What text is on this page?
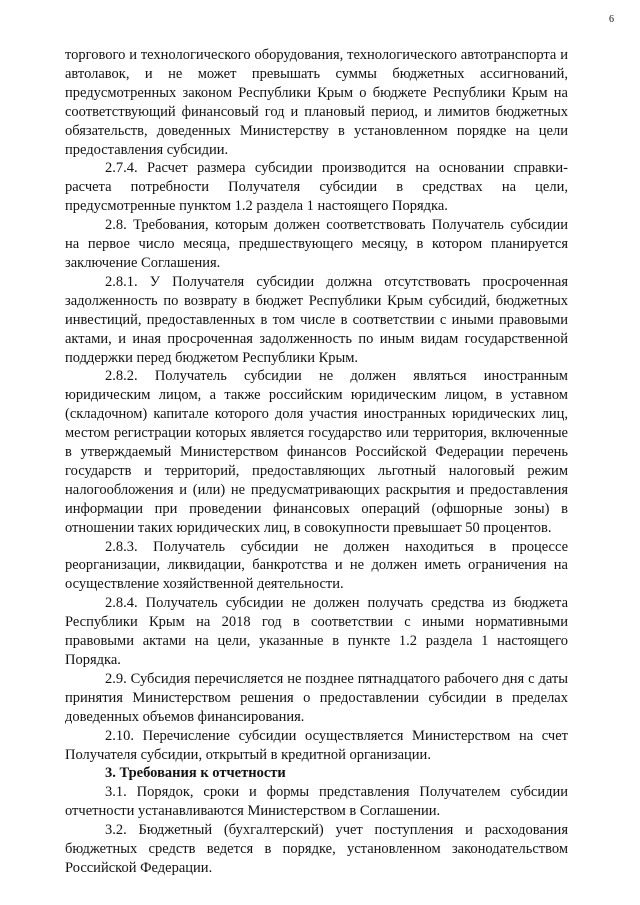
6

торгового и технологического оборудования, технологического автотранспорта и автолавок, и не может превышать суммы бюджетных ассигнований, предусмотренных законом Республики Крым о бюджете Республики Крым на соответствующий финансовый год и плановый период, и лимитов бюджетных обязательств, доведенных Министерству в установленном порядке на цели предоставления субсидии.

2.7.4. Расчет размера субсидии производится на основании справки-расчета потребности Получателя субсидии в средствах на цели, предусмотренные пунктом 1.2 раздела 1 настоящего Порядка.

2.8. Требования, которым должен соответствовать Получатель субсидии на первое число месяца, предшествующего месяцу, в котором планируется заключение Соглашения.

2.8.1. У Получателя субсидии должна отсутствовать просроченная задолженность по возврату в бюджет Республики Крым субсидий, бюджетных инвестиций, предоставленных в том числе в соответствии с иными правовыми актами, и иная просроченная задолженность по иным видам государственной поддержки перед бюджетом Республики Крым.

2.8.2. Получатель субсидии не должен являться иностранным юридическим лицом, а также российским юридическим лицом, в уставном (складочном) капитале которого доля участия иностранных юридических лиц, местом регистрации которых является государство или территория, включенные в утверждаемый Министерством финансов Российской Федерации перечень государств и территорий, предоставляющих льготный налоговый режим налогообложения и (или) не предусматривающих раскрытия и предоставления информации при проведении финансовых операций (офшорные зоны) в отношении таких юридических лиц, в совокупности превышает 50 процентов.

2.8.3. Получатель субсидии не должен находиться в процессе реорганизации, ликвидации, банкротства и не должен иметь ограничения на осуществление хозяйственной деятельности.

2.8.4. Получатель субсидии не должен получать средства из бюджета Республики Крым на 2018 год в соответствии с иными нормативными правовыми актами на цели, указанные в пункте 1.2 раздела 1 настоящего Порядка.

2.9. Субсидия перечисляется не позднее пятнадцатого рабочего дня с даты принятия Министерством решения о предоставлении субсидии в пределах доведенных объемов финансирования.

2.10. Перечисление субсидии осуществляется Министерством на счет Получателя субсидии, открытый в кредитной организации.

3. Требования к отчетности

3.1. Порядок, сроки и формы представления Получателем субсидии отчетности устанавливаются Министерством в Соглашении.

3.2. Бюджетный (бухгалтерский) учет поступления и расходования бюджетных средств ведется в порядке, установленном законодательством Российской Федерации.
